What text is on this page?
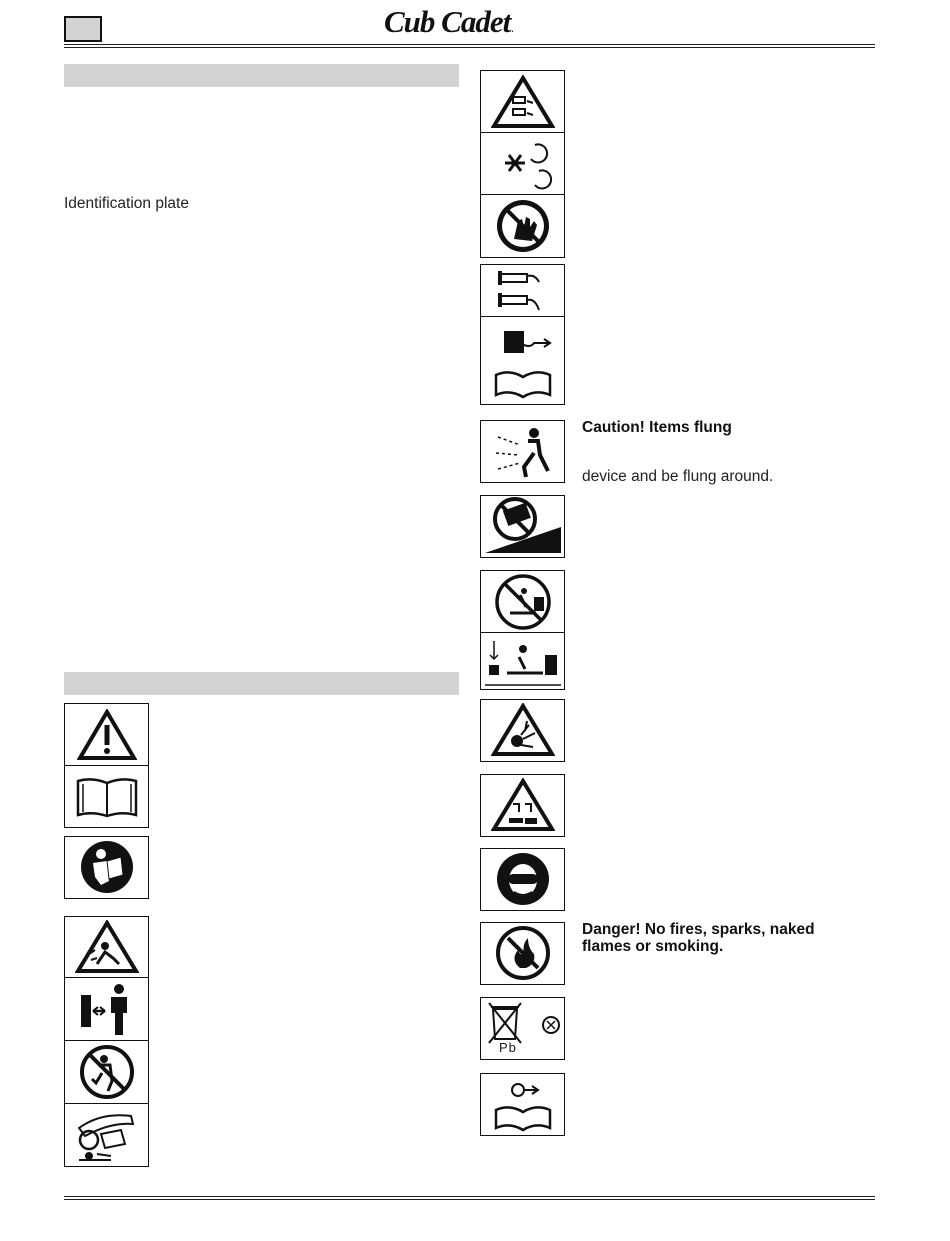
Cub Cadet.
Identification plate
Caution! Items flung
device and be flung around.
Danger! No fires, sparks, naked flames or smoking.
Pb
